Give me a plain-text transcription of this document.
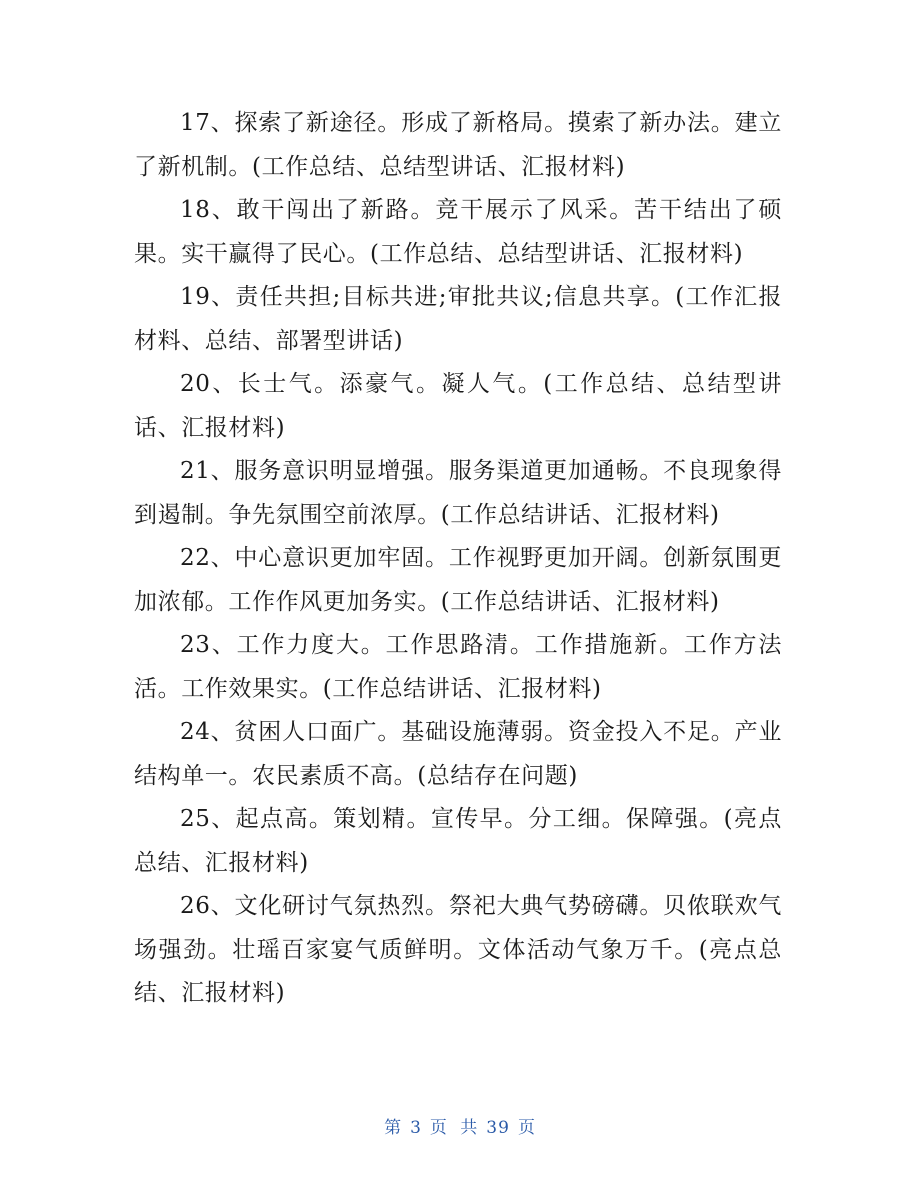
17、探索了新途径。形成了新格局。摸索了新办法。建立了新机制。(工作总结、总结型讲话、汇报材料)

18、敢干闯出了新路。竞干展示了风采。苦干结出了硕果。实干赢得了民心。(工作总结、总结型讲话、汇报材料)

19、责任共担;目标共进;审批共议;信息共享。(工作汇报材料、总结、部署型讲话)

20、长士气。添豪气。凝人气。(工作总结、总结型讲话、汇报材料)

21、服务意识明显增强。服务渠道更加通畅。不良现象得到遏制。争先氛围空前浓厚。(工作总结讲话、汇报材料)

22、中心意识更加牢固。工作视野更加开阔。创新氛围更加浓郁。工作作风更加务实。(工作总结讲话、汇报材料)

23、工作力度大。工作思路清。工作措施新。工作方法活。工作效果实。(工作总结讲话、汇报材料)

24、贫困人口面广。基础设施薄弱。资金投入不足。产业结构单一。农民素质不高。(总结存在问题)

25、起点高。策划精。宣传早。分工细。保障强。(亮点总结、汇报材料)

26、文化研讨气氛热烈。祭祀大典气势磅礴。贝侬联欢气场强劲。壮瑶百家宴气质鲜明。文体活动气象万千。(亮点总结、汇报材料)

第 3 页 共 39 页
